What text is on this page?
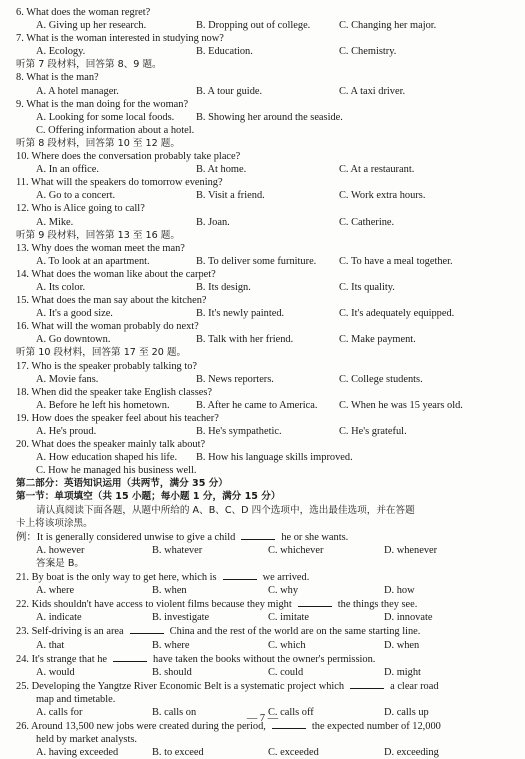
6. What does the woman regret?
A. Giving up her research.	B. Dropping out of college.	C. Changing her major.
7. What is the woman interested in studying now?
A. Ecology.	B. Education.	C. Chemistry.
听第 7 段材料，回答第 8、9 题。
8. What is the man?
A. A hotel manager.	B. A tour guide.	C. A taxi driver.
9. What is the man doing for the woman?
A. Looking for some local foods.	B. Showing her around the seaside.
C. Offering information about a hotel.
听第 8 段材料，回答第 10 至 12 题。
10. Where does the conversation probably take place?
A. In an office.	B. At home.	C. At a restaurant.
11. What will the speakers do tomorrow evening?
A. Go to a concert.	B. Visit a friend.	C. Work extra hours.
12. Who is Alice going to call?
A. Mike.	B. Joan.	C. Catherine.
听第 9 段材料，回答第 13 至 16 题。
13. Why does the woman meet the man?
A. To look at an apartment.	B. To deliver some furniture.	C. To have a meal together.
14. What does the woman like about the carpet?
A. Its color.	B. Its design.	C. Its quality.
15. What does the man say about the kitchen?
A. It's a good size.	B. It's newly painted.	C. It's adequately equipped.
16. What will the woman probably do next?
A. Go downtown.	B. Talk with her friend.	C. Make payment.
听第 10 段材料，回答第 17 至 20 题。
17. Who is the speaker probably talking to?
A. Movie fans.	B. News reporters.	C. College students.
18. When did the speaker take English classes?
A. Before he left his hometown.	B. After he came to America.	C. When he was 15 years old.
19. How does the speaker feel about his teacher?
A. He's proud.	B. He's sympathetic.	C. He's grateful.
20. What does the speaker mainly talk about?
A. How education shaped his life.	B. How his language skills improved.
C. How he managed his business well.
第二部分：英语知识运用（共两节，满分 35 分）
第一节：单项填空（共 15 小题；每小题 1 分，满分 15 分）
请认真阅读下面各题，从题中所给的 A、B、C、D 四个选项中，选出最佳选项，并在答题
卡上将该项涂黑。
例：It is generally considered unwise to give a child	he or she wants.
A. however	B. whatever	C. whichever	D. whenever
答案是 B。
21. By boat is the only way to get here, which is	we arrived.
A. where	B. when	C. why	D. how
22. Kids shouldn't have access to violent films because they might	the things they see.
A. indicate	B. investigate	C. imitate	D. innovate
23. Self-driving is an area	China and the rest of the world are on the same starting line.
A. that	B. where	C. which	D. when
24. It's strange that he	have taken the books without the owner's permission.
A. would	B. should	C. could	D. might
25. Developing the Yangtze River Economic Belt is a systematic project which	a clear road
map and timetable.
A. calls for	B. calls on	C. calls off	D. calls up
26. Around 13,500 new jobs were created during the period,	the expected number of 12,000
held by market analysts.
A. having exceeded	B. to exceed	C. exceeded	D. exceeding
— 7 —
